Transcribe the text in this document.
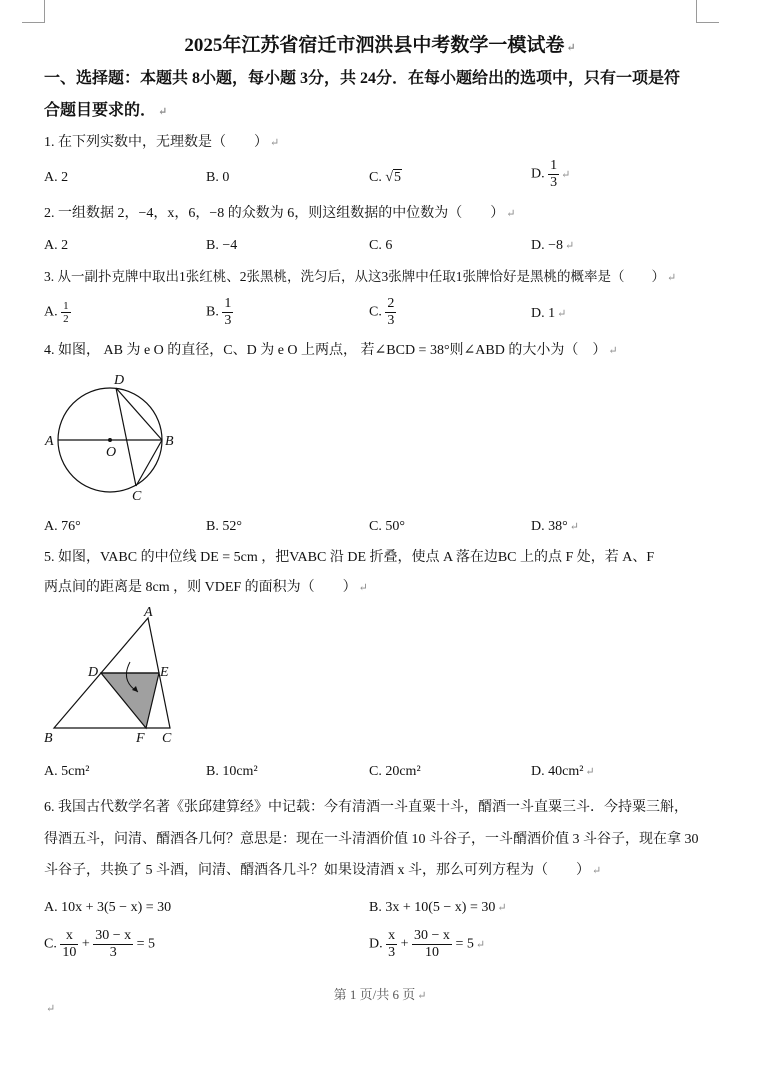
2025年江苏省宿迁市泗洪县中考数学一模试卷 ↵
一、选择题：本题共 8小题，每小题 3分，共 24分．在每小题给出的选项中，只有一项是符
合题目要求的． ↵
1. 在下列实数中，无理数是（　　） ↵
A. 2	B. 0	C. √5	D. $\frac{1}{3}$ ↵
2. 一组数据 2，−4，x，6，−8 的众数为 6，则这组数据的中位数为（　　） ↵
A. 2	B. −4	C. 6	D. −8 ↵
3. 从一副扑克牌中取出1张红桃、2张黑桃，洗匀后，从这3张牌中任取1张牌恰好是黑桃的概率是（　　） ↵
A. $\frac{1}{2}$	B. $\frac{1}{3}$	C. $\frac{2}{3}$	D. 1 ↵
4. 如图， AB 为 e O 的直径，C、D 为 e O 上两点， 若∠BCD = 38°则∠ABD 的大小为（　） ↵
D
A	B
O
C
A. 76°	B. 52°	C. 50°	D. 38° ↵
5. 如图，VABC 的中位线 DE = 5cm ，把VABC 沿 DE 折叠，使点 A 落在边BC 上的点 F 处，若 A、F
两点间的距离是 8cm ，则 VDEF 的面积为（　　） ↵
A
D	E
B	F C
A. 5cm²	B. 10cm²	C. 20cm²	D. 40cm² ↵
6. 我国古代数学名著《张邱建算经》中记载：今有清酒一斗直粟十斗，醑酒一斗直粟三斗．今持粟三斛，
得酒五斗，问清、醑酒各几何？意思是：现在一斗清酒价值 10 斗谷子，一斗醑酒价值 3 斗谷子，现在拿 30
斗谷子，共换了 5 斗酒，问清、醑酒各几斗？如果设清酒 x 斗，那么可列方程为（　　） ↵
A. 10x + 3(5 − x) = 30	B. 3x + 10(5 − x) = 30 ↵
C. $\frac{x}{10} + \frac{30 - x}{3} = 5$	D. $\frac{x}{3} + \frac{30 - x}{10} = 5$ ↵
第 1 页/共 6 页 ↵
↵
